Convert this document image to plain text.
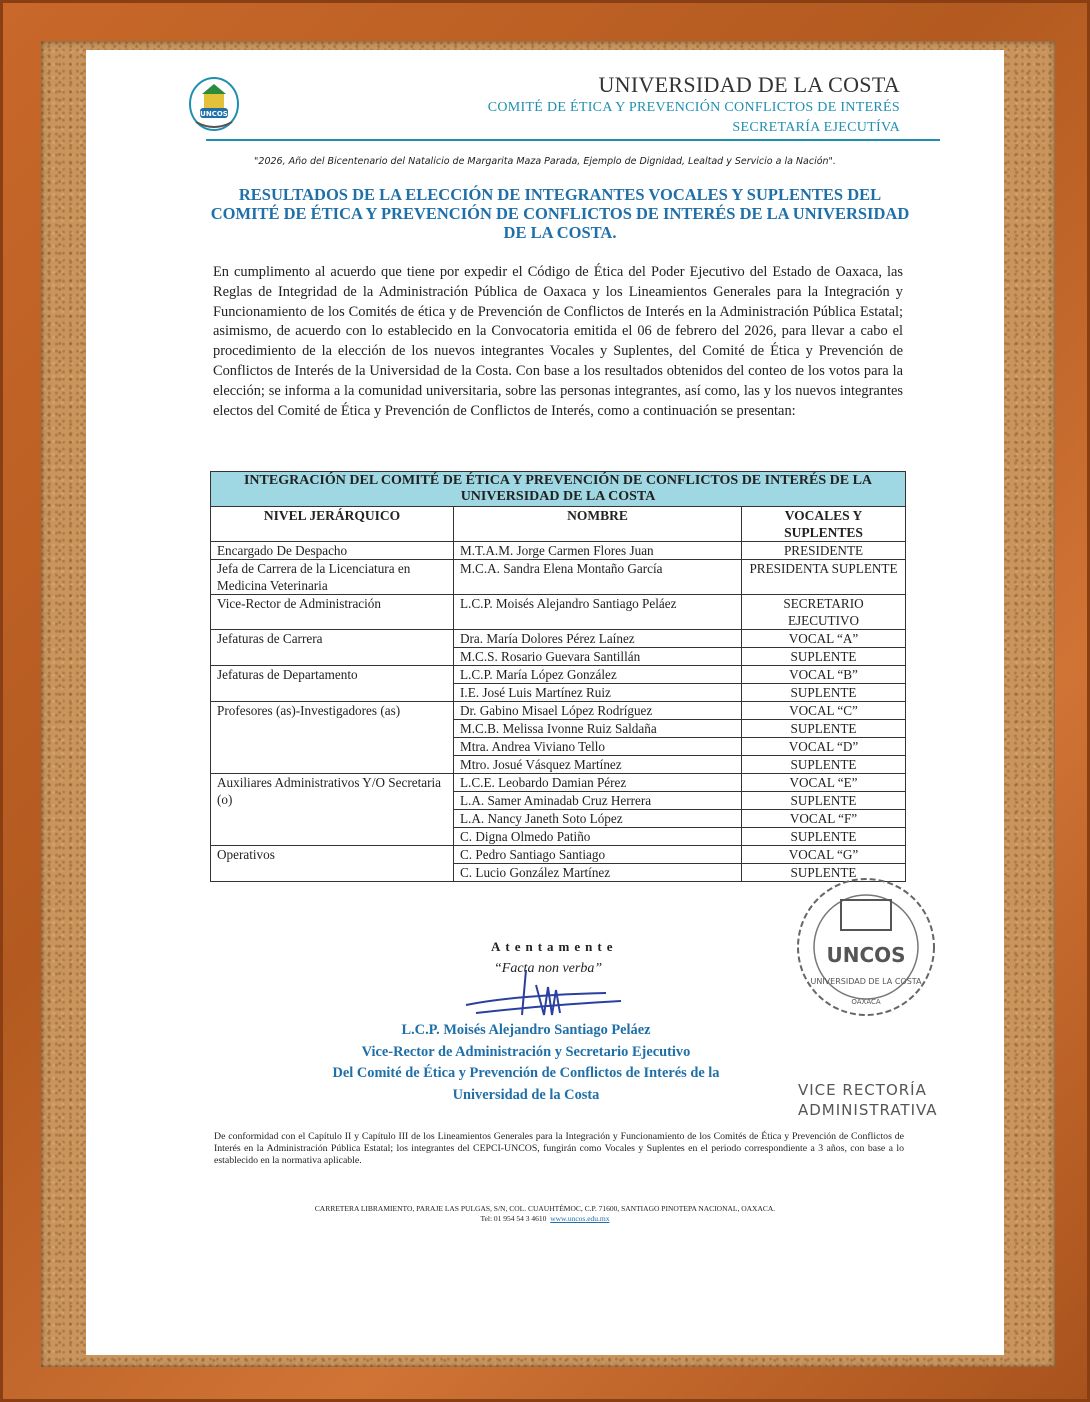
UNCOS
UNIVERSIDAD DE LA COSTA
COMITÉ DE ÉTICA Y PREVENCIÓN CONFLICTOS DE INTERÉS
SECRETARÍA EJECUTÍVA
"2026, Año del Bicentenario del Natalicio de Margarita Maza Parada, Ejemplo de Dignidad, Lealtad y Servicio a la Nación".
RESULTADOS DE LA ELECCIÓN DE INTEGRANTES VOCALES Y SUPLENTES DEL COMITÉ DE ÉTICA Y PREVENCIÓN DE CONFLICTOS DE INTERÉS DE LA UNIVERSIDAD DE LA COSTA.
En cumplimento al acuerdo que tiene por expedir el Código de Ética del Poder Ejecutivo del Estado de Oaxaca, las Reglas de Integridad de la Administración Pública de Oaxaca y los Lineamientos Generales para la Integración y Funcionamiento de los Comités de ética y de Prevención de Conflictos de Interés en la Administración Pública Estatal; asimismo, de acuerdo con lo establecido en la Convocatoria emitida el 06 de febrero del 2026, para llevar a cabo el procedimiento de la elección de los nuevos integrantes Vocales y Suplentes, del Comité de Ética y Prevención de Conflictos de Interés de la Universidad de la Costa. Con base a los resultados obtenidos del conteo de los votos para la elección; se informa a la comunidad universitaria, sobre las personas integrantes, así como, las y los nuevos integrantes electos del Comité de Ética y Prevención de Conflictos de Interés, como a continuación se presentan:
INTEGRACIÓN DEL COMITÉ DE ÉTICA Y PREVENCIÓN DE CONFLICTOS DE INTERÉS DE LA UNIVERSIDAD DE LA COSTA		
NIVEL JERÁRQUICO	NOMBRE	VOCALES Y SUPLENTES
Encargado De Despacho	M.T.A.M. Jorge Carmen Flores Juan	PRESIDENTE
Jefa de Carrera de la Licenciatura en Medicina Veterinaria	M.C.A. Sandra Elena Montaño García	PRESIDENTA SUPLENTE
Vice-Rector de Administración	L.C.P. Moisés Alejandro Santiago Peláez	SECRETARIO EJECUTIVO
Jefaturas de Carrera	Dra. María Dolores Pérez Laínez	VOCAL “A”
	M.C.S. Rosario Guevara Santillán	SUPLENTE
Jefaturas de Departamento	L.C.P. María López González	VOCAL “B”
	I.E. José Luis Martínez Ruiz	SUPLENTE
Profesores (as)-Investigadores (as)	Dr. Gabino Misael López Rodríguez	VOCAL “C”
	M.C.B. Melissa Ivonne Ruiz Saldaña	SUPLENTE
	Mtra. Andrea Viviano Tello	VOCAL “D”
	Mtro. Josué Vásquez Martínez	SUPLENTE
Auxiliares Administrativos Y/O Secretaria (o)	L.C.E. Leobardo Damian Pérez	VOCAL “E”
	L.A. Samer Aminadab Cruz Herrera	SUPLENTE
	L.A. Nancy Janeth Soto López	VOCAL “F”
	C. Digna Olmedo Patiño	SUPLENTE
Operativos	C. Pedro Santiago Santiago	VOCAL “G”
	C. Lucio González Martínez	SUPLENTE
Atentamente
“Facta non verba”
L.C.P. Moisés Alejandro Santiago Peláez
Vice-Rector de Administración y Secretario Ejecutivo
Del Comité de Ética y Prevención de Conflictos de Interés de la
Universidad de la Costa
UNCOS
UNIVERSIDAD DE LA COSTA
OAXACA
VICE RECTORÍA
ADMINISTRATIVA
De conformidad con el Capítulo II y Capítulo III de los Lineamientos Generales para la Integración y Funcionamiento de los Comités de Ética y Prevención de Conflictos de Interés en la Administración Pública Estatal; los integrantes del CEPCI-UNCOS, fungirán como Vocales y Suplentes en el periodo correspondiente a 3 años, con base a lo establecido en la normativa aplicable.
CARRETERA LIBRAMIENTO, PARAJE LAS PULGAS, S/N, COL. CUAUHTÉMOC, C.P. 71600, SANTIAGO PINOTEPA NACIONAL, OAXACA.
Tel: 01 954 54 3 4610 www.uncos.edu.mx
